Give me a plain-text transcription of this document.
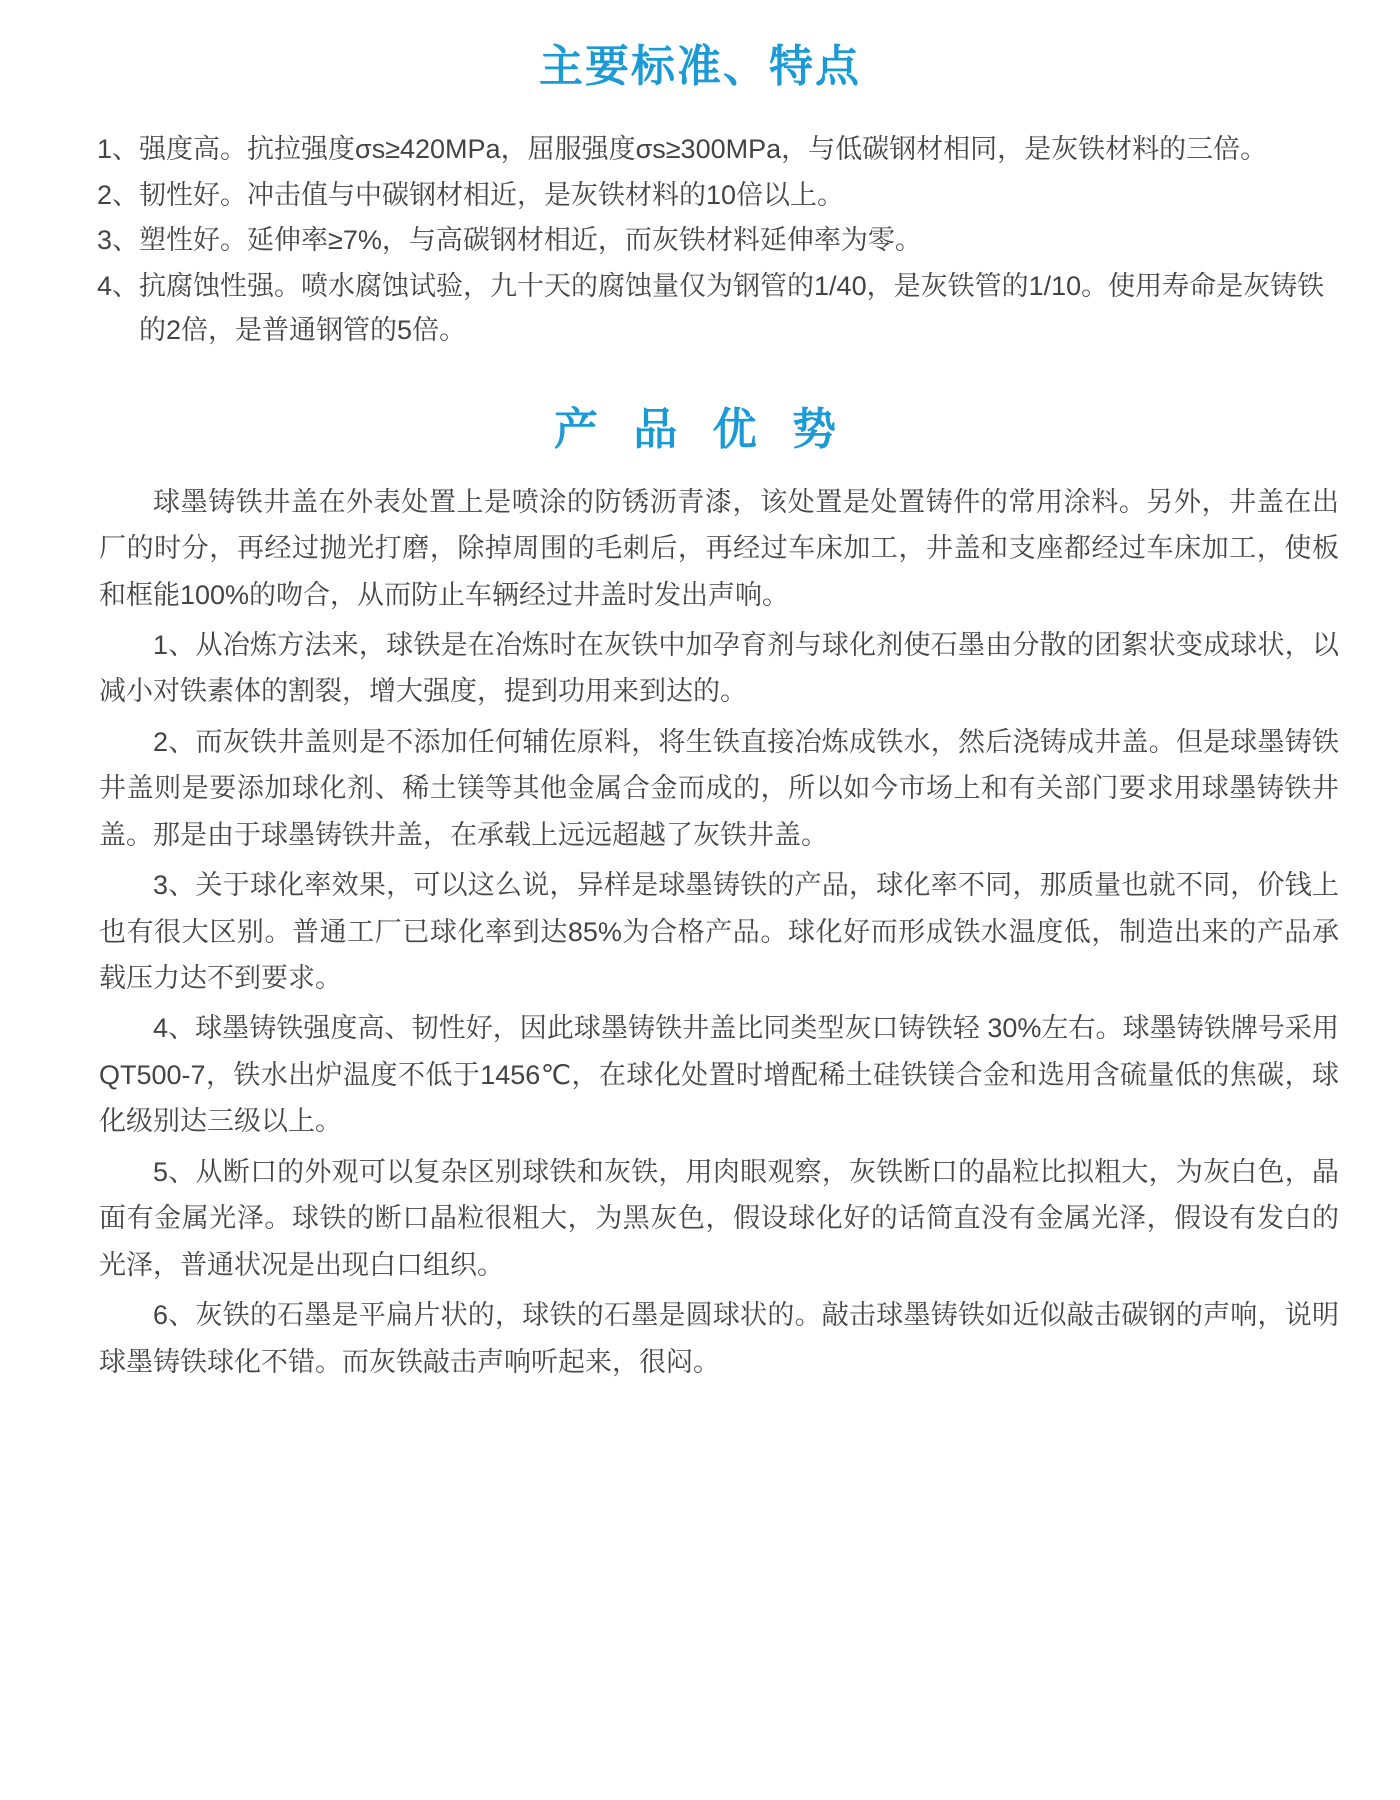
主要标准、特点
1、 强度高。抗拉强度σs≥420MPa，屈服强度σs≥300MPa，与低碳钢材相同，是灰铁材料的三倍。
2、 韧性好。冲击值与中碳钢材相近，是灰铁材料的10倍以上。
3、 塑性好。延伸率≥7%，与高碳钢材相近，而灰铁材料延伸率为零。
4、 抗腐蚀性强。喷水腐蚀试验，九十天的腐蚀量仅为钢管的1/40，是灰铁管的1/10。使用寿命是灰铸铁的2倍，是普通钢管的5倍。
产 品 优 势

球墨铸铁井盖在外表处置上是喷涂的防锈沥青漆，该处置是处置铸件的常用涂料。另外，井盖在出厂的时分，再经过抛光打磨，除掉周围的毛刺后，再经过车床加工，井盖和支座都经过车床加工，使板和框能100%的吻合，从而防止车辆经过井盖时发出声响。

1、从冶炼方法来，球铁是在冶炼时在灰铁中加孕育剂与球化剂使石墨由分散的团絮状变成球状，以减小对铁素体的割裂，增大强度，提到功用来到达的。

2、而灰铁井盖则是不添加任何辅佐原料，将生铁直接冶炼成铁水，然后浇铸成井盖。但是球墨铸铁井盖则是要添加球化剂、稀土镁等其他金属合金而成的，所以如今市场上和有关部门要求用球墨铸铁井盖。那是由于球墨铸铁井盖，在承载上远远超越了灰铁井盖。

3、关于球化率效果，可以这么说，异样是球墨铸铁的产品，球化率不同，那质量也就不同，价钱上也有很大区别。普通工厂已球化率到达85%为合格产品。球化好而形成铁水温度低，制造出来的产品承载压力达不到要求。

4、球墨铸铁强度高、韧性好，因此球墨铸铁井盖比同类型灰口铸铁轻 30%左右。球墨铸铁牌号采用QT500-7，铁水出炉温度不低于1456℃，在球化处置时增配稀土硅铁镁合金和选用含硫量低的焦碳，球化级别达三级以上。

5、从断口的外观可以复杂区别球铁和灰铁，用肉眼观察，灰铁断口的晶粒比拟粗大，为灰白色，晶面有金属光泽。球铁的断口晶粒很粗大，为黑灰色，假设球化好的话简直没有金属光泽，假设有发白的光泽，普通状况是出现白口组织。

6、灰铁的石墨是平扁片状的，球铁的石墨是圆球状的。敲击球墨铸铁如近似敲击碳钢的声响，说明球墨铸铁球化不错。而灰铁敲击声响听起来，很闷。
